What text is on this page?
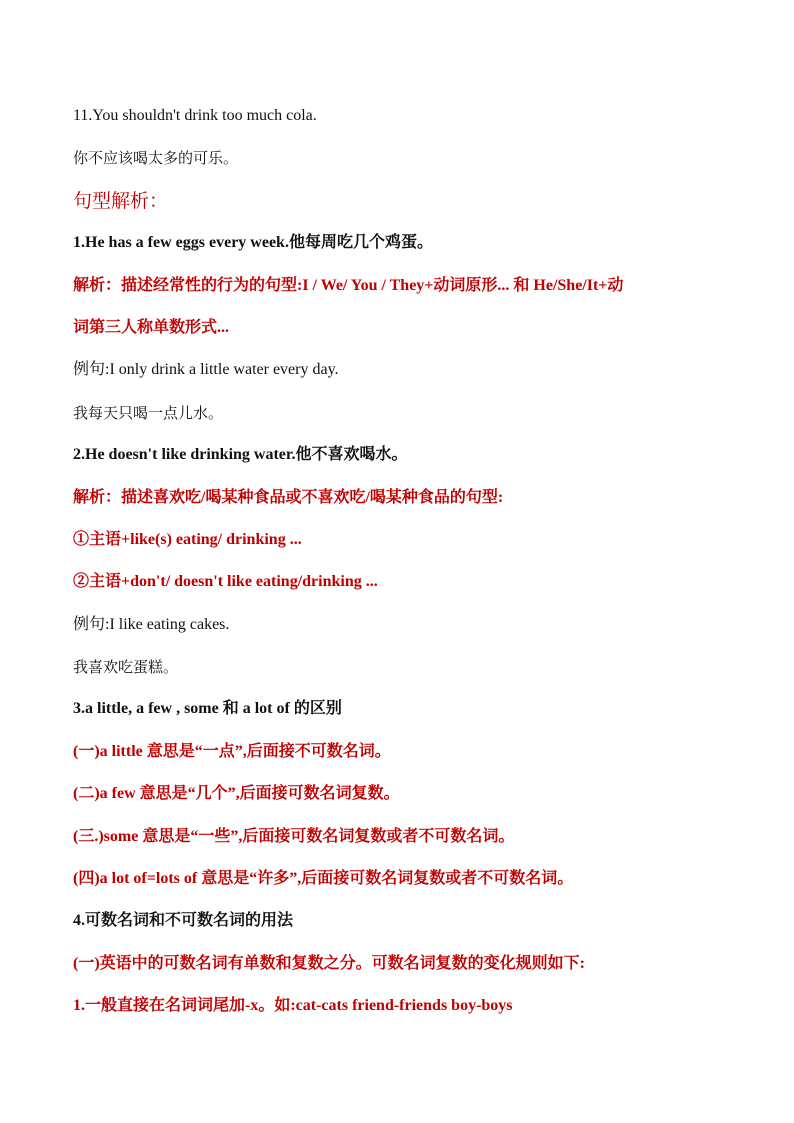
11.You shouldn't drink too much cola.
你不应该喝太多的可乐。
句型解析：
1.He has a few eggs every week.他每周吃几个鸡蛋。
解析：描述经常性的行为的句型:I / We/ You / They+动词原形... 和 He/She/It+动
词第三人称单数形式...
例句:I only drink a little water every day.
我每天只喝一点儿水。
2.He doesn't like drinking water.他不喜欢喝水。
解析：描述喜欢吃/喝某种食品或不喜欢吃/喝某种食品的句型:
①主语+like(s) eating/ drinking ...
②主语+don't/ doesn't like eating/drinking ...
例句:I like eating cakes.
我喜欢吃蛋糕。
3.a little, a few , some 和 a lot of 的区别
(一)a little 意思是“一点”,后面接不可数名词。
(二)a few 意思是“几个”,后面接可数名词复数。
(三.)some 意思是“一些”,后面接可数名词复数或者不可数名词。
(四)a lot of=lots of 意思是“许多”,后面接可数名词复数或者不可数名词。
4.可数名词和不可数名词的用法
(一)英语中的可数名词有单数和复数之分。可数名词复数的变化规则如下:
1.一般直接在名词词尾加-x。如:cat-cats friend-friends boy-boys
